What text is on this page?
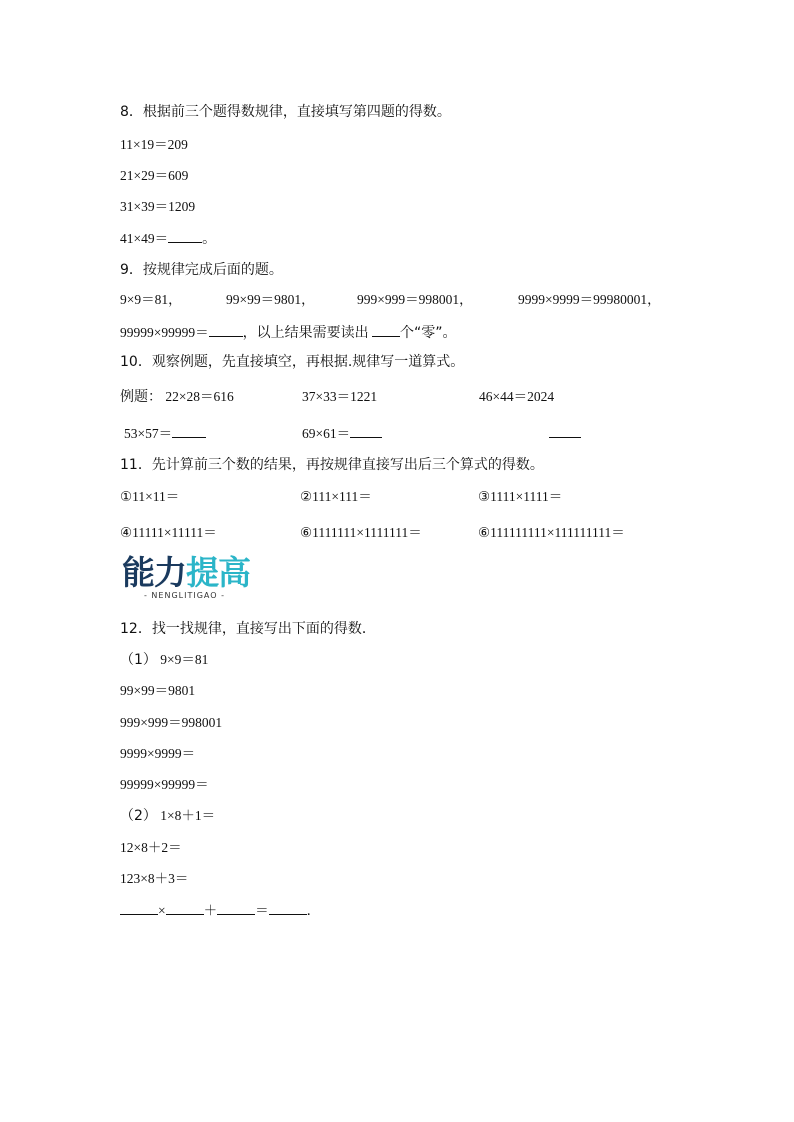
8．根据前三个题得数规律，直接填写第四题的得数。
11×19＝209
21×29＝609
31×39＝1209
41×49＝ 。
9．按规律完成后面的题。
9×9＝81，	99×99＝9801，	999×999＝998001，	9999×9999＝99980001，
99999×99999＝ ，以上结果需要读出 个“零”。
10．观察例题，先直接填空，再根据.规律写一道算式。
例题： 22×28＝616	37×33＝1221	46×44＝2024
53×57＝	69×61＝
11．先计算前三个数的结果，再按规律直接写出后三个算式的得数。
①11×11＝	②111×111＝	③1111×1111＝
④11111×11111＝	⑥1111111×1111111＝	⑥111111111×111111111＝
能力提高
- NENGLITIGAO -
12．找一找规律，直接写出下面的得数．
（1） 9×9＝81
99×99＝9801
999×999＝998001
9999×9999＝
99999×99999＝
（2） 1×8＋1＝
12×8＋2＝
123×8＋3＝
×	＋	＝	．
